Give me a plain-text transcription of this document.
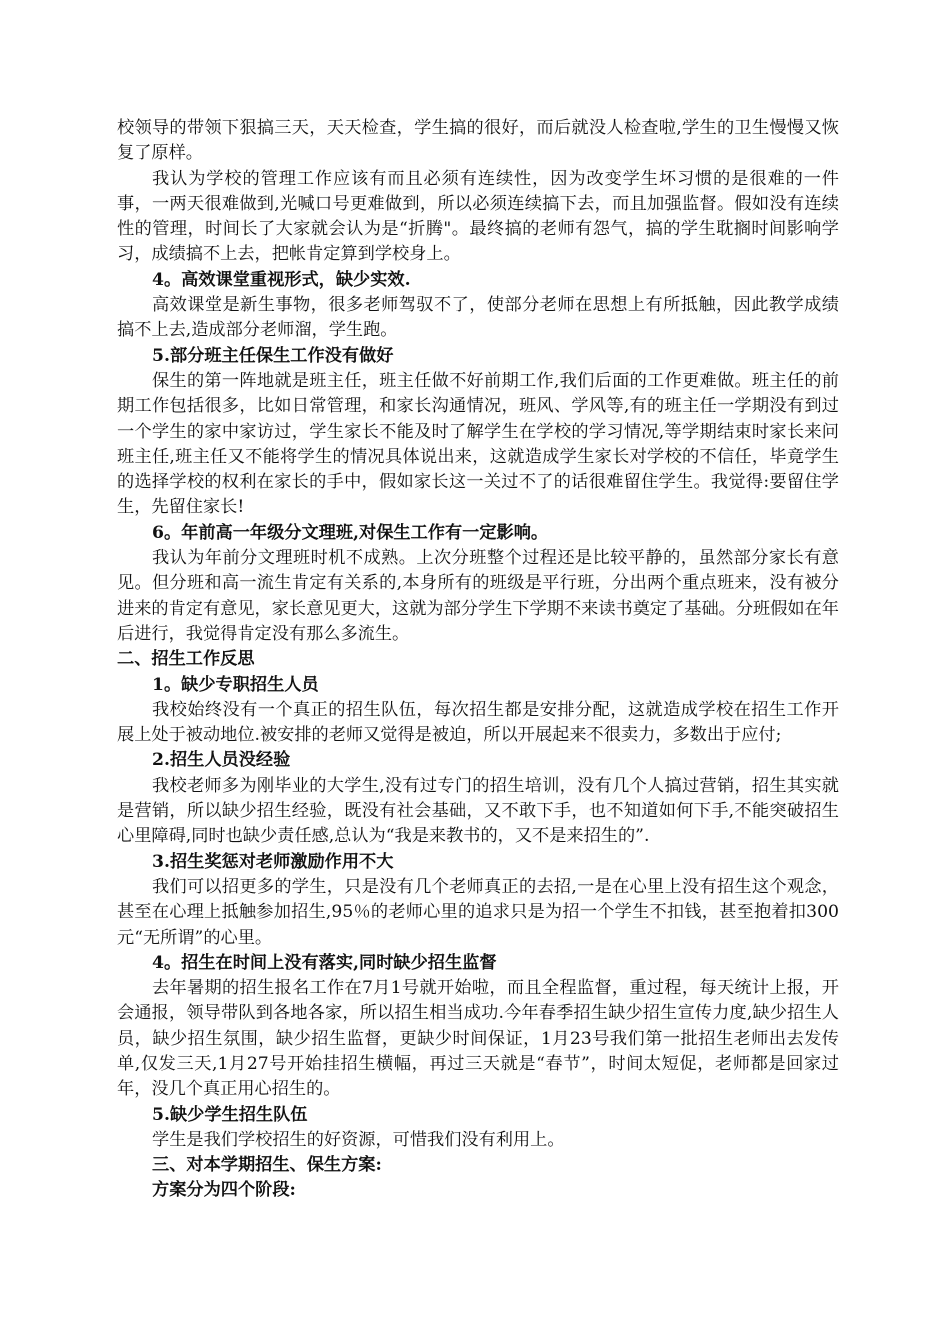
校领导的带领下狠搞三天，天天检查，学生搞的很好，而后就没人检查啦,学生的卫生慢慢又恢复了原样。

我认为学校的管理工作应该有而且必须有连续性，因为改变学生坏习惯的是很难的一件事，一两天很难做到,光喊口号更难做到，所以必须连续搞下去，而且加强监督。假如没有连续性的管理，时间长了大家就会认为是“折腾"。最终搞的老师有怨气，搞的学生耽搁时间影响学习，成绩搞不上去，把帐肯定算到学校身上。

4。高效课堂重视形式，缺少实效.

高效课堂是新生事物，很多老师驾驭不了，使部分老师在思想上有所抵触，因此教学成绩搞不上去,造成部分老师溜，学生跑。

5.部分班主任保生工作没有做好

保生的第一阵地就是班主任，班主任做不好前期工作,我们后面的工作更难做。班主任的前期工作包括很多，比如日常管理，和家长沟通情况，班风、学风等,有的班主任一学期没有到过一个学生的家中家访过，学生家长不能及时了解学生在学校的学习情况,等学期结束时家长来问班主任,班主任又不能将学生的情况具体说出来，这就造成学生家长对学校的不信任，毕竟学生的选择学校的权利在家长的手中，假如家长这一关过不了的话很难留住学生。我觉得:要留住学生，先留住家长!

6。年前高一年级分文理班,对保生工作有一定影响。

我认为年前分文理班时机不成熟。上次分班整个过程还是比较平静的，虽然部分家长有意见。但分班和高一流生肯定有关系的,本身所有的班级是平行班，分出两个重点班来，没有被分进来的肯定有意见，家长意见更大，这就为部分学生下学期不来读书奠定了基础。分班假如在年后进行，我觉得肯定没有那么多流生。

二、招生工作反思

1。缺少专职招生人员

我校始终没有一个真正的招生队伍，每次招生都是安排分配，这就造成学校在招生工作开展上处于被动地位.被安排的老师又觉得是被迫，所以开展起来不很卖力，多数出于应付;

2.招生人员没经验

我校老师多为刚毕业的大学生,没有过专门的招生培训，没有几个人搞过营销，招生其实就是营销，所以缺少招生经验，既没有社会基础，又不敢下手，也不知道如何下手,不能突破招生心里障碍,同时也缺少责任感,总认为“我是来教书的，又不是来招生的”.

3.招生奖惩对老师激励作用不大

我们可以招更多的学生，只是没有几个老师真正的去招,一是在心里上没有招生这个观念，甚至在心理上抵触参加招生,95％的老师心里的追求只是为招一个学生不扣钱，甚至抱着扣300元“无所谓”的心里。

4。招生在时间上没有落实,同时缺少招生监督

去年暑期的招生报名工作在7月1号就开始啦，而且全程监督，重过程，每天统计上报，开会通报，领导带队到各地各家，所以招生相当成功.今年春季招生缺少招生宣传力度,缺少招生人员，缺少招生氛围，缺少招生监督，更缺少时间保证，1月23号我们第一批招生老师出去发传单,仅发三天,1月27号开始挂招生横幅，再过三天就是“春节”，时间太短促，老师都是回家过年，没几个真正用心招生的。

5.缺少学生招生队伍

学生是我们学校招生的好资源，可惜我们没有利用上。

三、对本学期招生、保生方案:

方案分为四个阶段:
